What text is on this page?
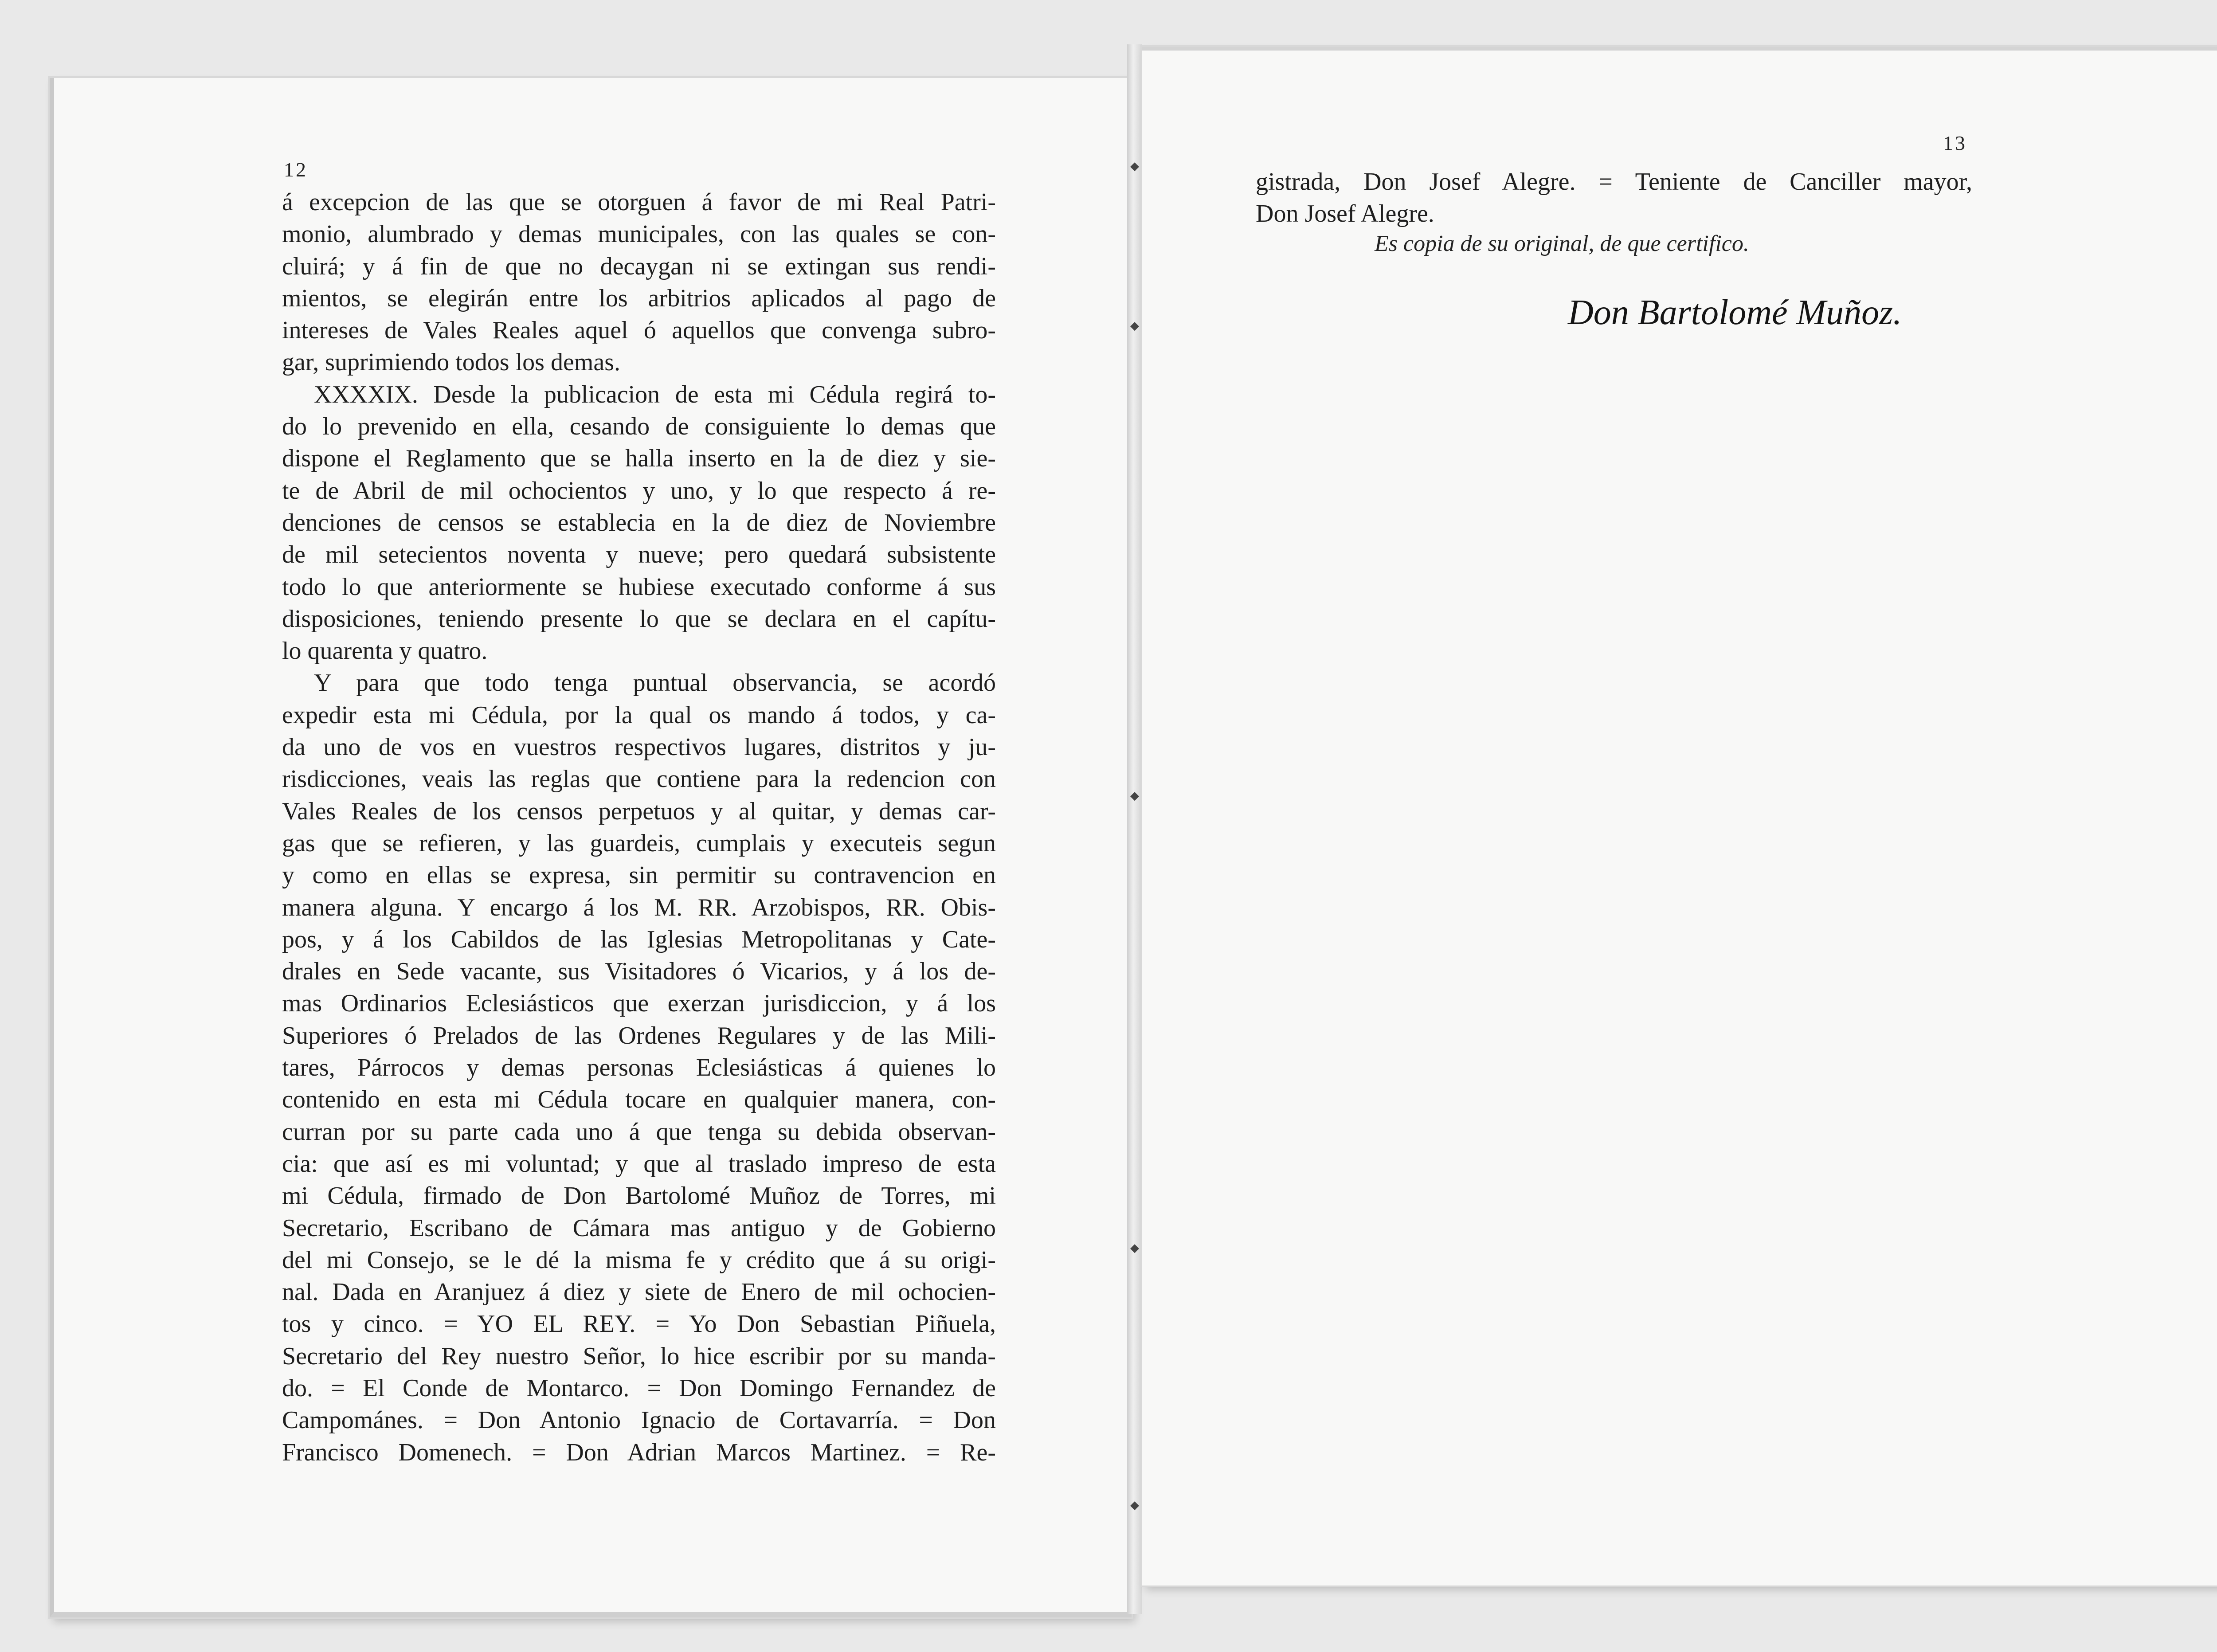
◆
◆
◆
◆
◆
12
á excepcion de las que se otorguen á favor de mi Real Patri-
monio, alumbrado y demas municipales, con las quales se con-
cluirá; y á fin de que no decaygan ni se extingan sus rendi-
mientos, se elegirán entre los arbitrios aplicados al pago de
intereses de Vales Reales aquel ó aquellos que convenga subro-
gar, suprimiendo todos los demas.
XXXXIX. Desde la publicacion de esta mi Cédula regirá to-
do lo prevenido en ella, cesando de consiguiente lo demas que
dispone el Reglamento que se halla inserto en la de diez y sie-
te de Abril de mil ochocientos y uno, y lo que respecto á re-
denciones de censos se establecia en la de diez de Noviembre
de mil setecientos noventa y nueve; pero quedará subsistente
todo lo que anteriormente se hubiese executado conforme á sus
disposiciones, teniendo presente lo que se declara en el capítu-
lo quarenta y quatro.
Y para que todo tenga puntual observancia, se acordó
expedir esta mi Cédula, por la qual os mando á todos, y ca-
da uno de vos en vuestros respectivos lugares, distritos y ju-
risdicciones, veais las reglas que contiene para la redencion con
Vales Reales de los censos perpetuos y al quitar, y demas car-
gas que se refieren, y las guardeis, cumplais y executeis segun
y como en ellas se expresa, sin permitir su contravencion en
manera alguna. Y encargo á los M. RR. Arzobispos, RR. Obis-
pos, y á los Cabildos de las Iglesias Metropolitanas y Cate-
drales en Sede vacante, sus Visitadores ó Vicarios, y á los de-
mas Ordinarios Eclesiásticos que exerzan jurisdiccion, y á los
Superiores ó Prelados de las Ordenes Regulares y de las Mili-
tares, Párrocos y demas personas Eclesiásticas á quienes lo
contenido en esta mi Cédula tocare en qualquier manera, con-
curran por su parte cada uno á que tenga su debida observan-
cia: que así es mi voluntad; y que al traslado impreso de esta
mi Cédula, firmado de Don Bartolomé Muñoz de Torres, mi
Secretario, Escribano de Cámara mas antiguo y de Gobierno
del mi Consejo, se le dé la misma fe y crédito que á su origi-
nal. Dada en Aranjuez á diez y siete de Enero de mil ochocien-
tos y cinco. = YO EL REY. = Yo Don Sebastian Piñuela,
Secretario del Rey nuestro Señor, lo hice escribir por su manda-
do. = El Conde de Montarco. = Don Domingo Fernandez de
Campománes. = Don Antonio Ignacio de Cortavarría. = Don
Francisco Domenech. = Don Adrian Marcos Martinez. = Re-
13
gistrada, Don Josef Alegre. = Teniente de Canciller mayor,
Don Josef Alegre.
Es copia de su original, de que certifico.
Don Bartolomé Muñoz.
